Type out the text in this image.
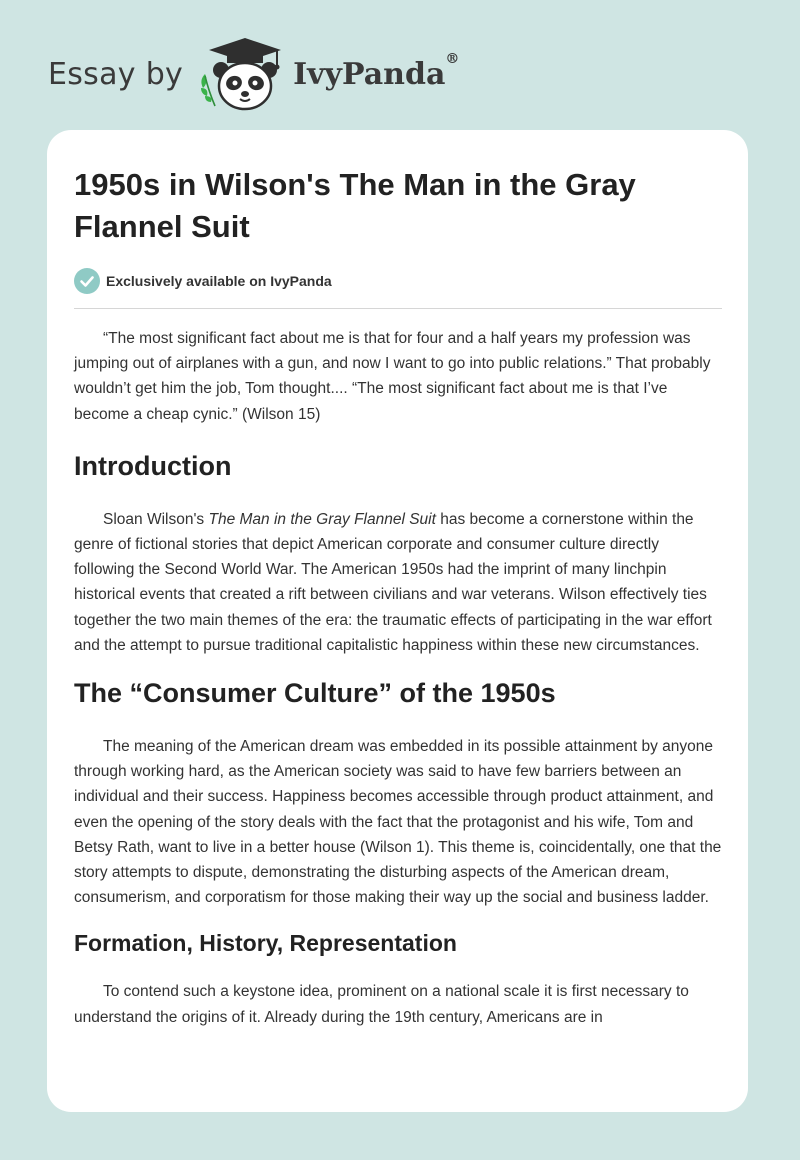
Essay by	IvyPanda®
1950s in Wilson's The Man in the Gray Flannel Suit
Exclusively available on IvyPanda

“The most significant fact about me is that for four and a half years my profession was jumping out of airplanes with a gun, and now I want to go into public relations.” That probably wouldn’t get him the job, Tom thought.... “The most significant fact about me is that I’ve become a cheap cynic.” (Wilson 15)

Introduction

Sloan Wilson's The Man in the Gray Flannel Suit has become a cornerstone within the genre of fictional stories that depict American corporate and consumer culture directly following the Second World War. The American 1950s had the imprint of many linchpin historical events that created a rift between civilians and war veterans. Wilson effectively ties together the two main themes of the era: the traumatic effects of participating in the war effort and the attempt to pursue traditional capitalistic happiness within these new circumstances.

The “Consumer Culture” of the 1950s

The meaning of the American dream was embedded in its possible attainment by anyone through working hard, as the American society was said to have few barriers between an individual and their success. Happiness becomes accessible through product attainment, and even the opening of the story deals with the fact that the protagonist and his wife, Tom and Betsy Rath, want to live in a better house (Wilson 1). This theme is, coincidentally, one that the story attempts to dispute, demonstrating the disturbing aspects of the American dream, consumerism, and corporatism for those making their way up the social and business ladder.

Formation, History, Representation

To contend such a keystone idea, prominent on a national scale it is first necessary to understand the origins of it. Already during the 19th century, Americans are in
